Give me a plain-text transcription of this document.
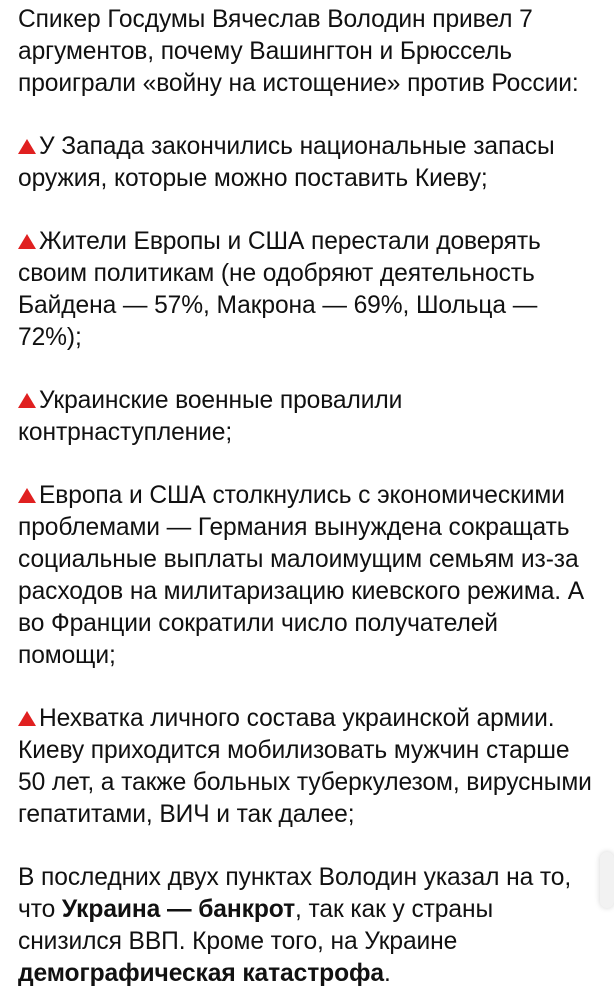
Спикер Госдумы Вячеслав Володин привел 7 аргументов, почему Вашингтон и Брюссель проиграли «войну на истощение» против России:

У Запада закончились национальные запасы оружия, которые можно поставить Киеву;

Жители Европы и США перестали доверять своим политикам (не одобряют деятельность Байдена — 57%, Макрона — 69%, Шольца — 72%);

Украинские военные провалили контрнаступление;

Европа и США столкнулись с экономическими проблемами — Германия вынуждена сокращать социальные выплаты малоимущим семьям из-за расходов на милитаризацию киевского режима. А во Франции сократили число получателей помощи;

Нехватка личного состава украинской армии. Киеву приходится мобилизовать мужчин старше 50 лет, а также больных туберкулезом, вирусными гепатитами, ВИЧ и так далее;

В последних двух пунктах Володин указал на то, что Украина — банкрот, так как у страны снизился ВВП. Кроме того, на Украине демографическая катастрофа.
